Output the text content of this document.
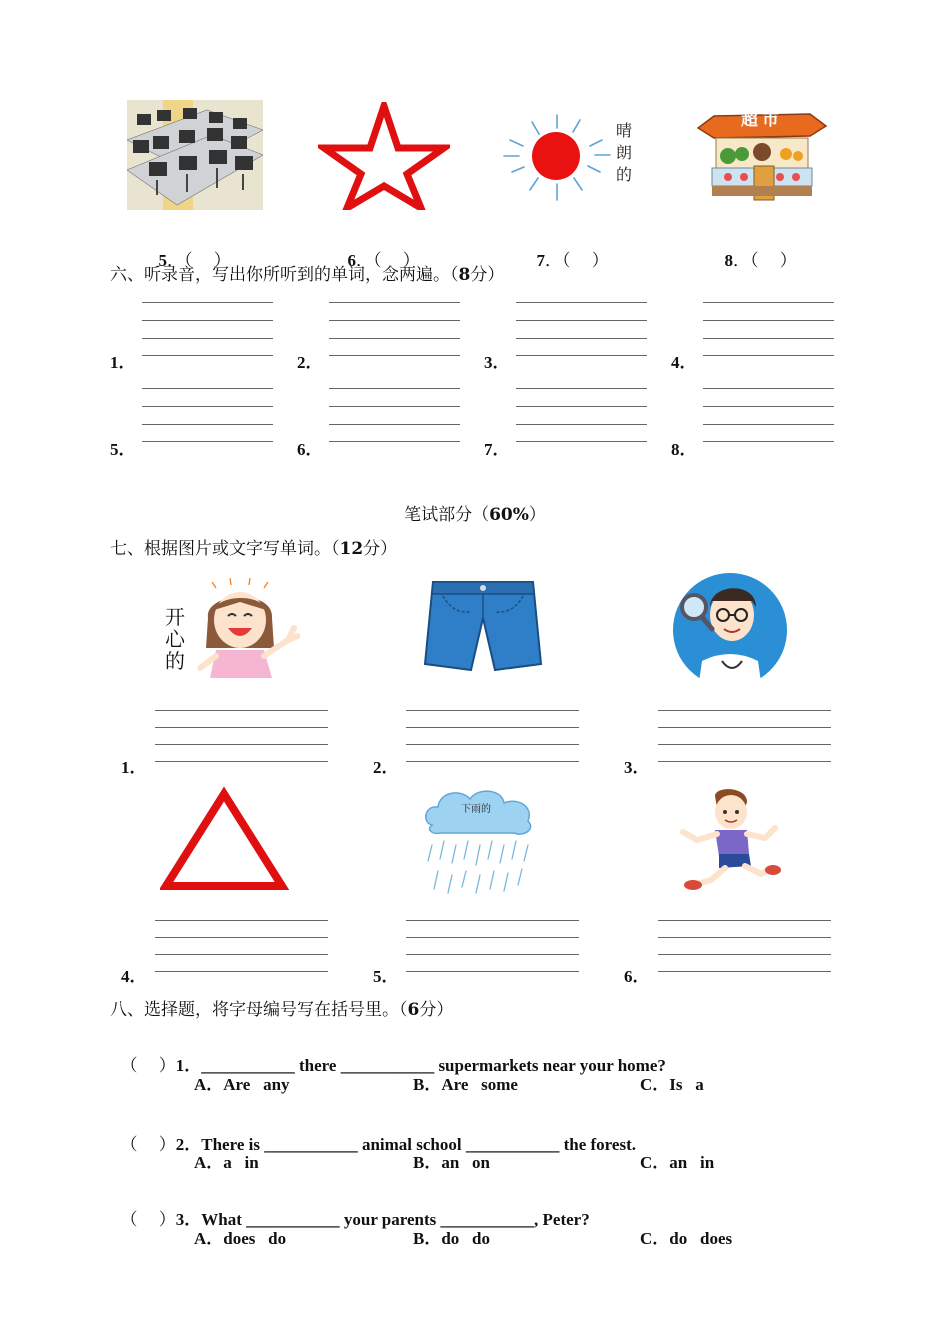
晴
朗
的
超市

5．（　 ）	6．（　 ）	7．（　 ）	8．（　 ）

六、听录音，写出你所听到的单词，念两遍。（8分）
1．	2．	3．	4．
5．	6．	7．	8．
笔试部分（60%）
七、根据图片或文字写单词。（12分）
开
心
的
1．	2．	3．
下雨的
4．	5．	6．
八、选择题，将字母编号写在括号里。（6分）

（　 ）1．___________ there ___________ supermarkets near your home?

A．Are   any	B．Are   some	C．Is   a

（　 ）2．There is ___________ animal school ___________ the forest.

A．a   in	B．an   on	C．an   in

（　 ）3．What ___________ your parents ___________, Peter?

A．does   do	B．do   do	C．do   does
